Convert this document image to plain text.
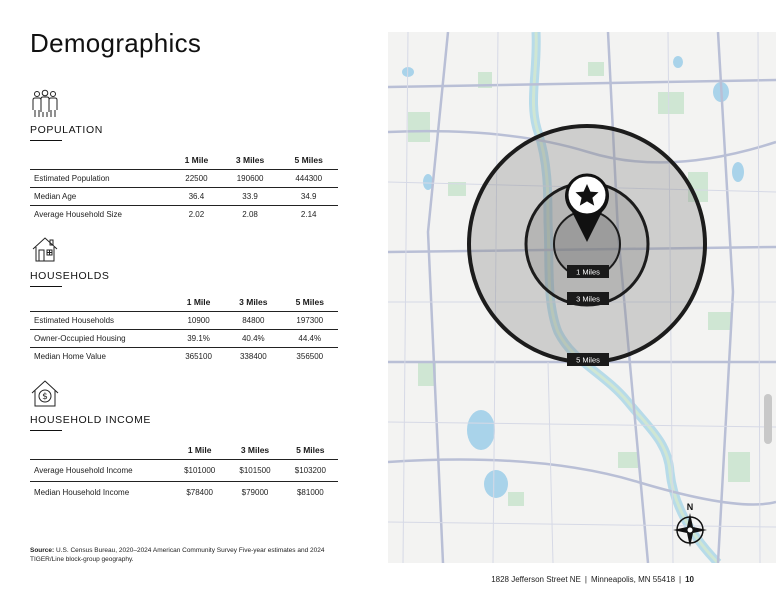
Demographics
POPULATION
	1 Mile	3 Miles	5 Miles
Estimated Population	22500	190600	444300
Median Age	36.4	33.9	34.9
Average Household Size	2.02	2.08	2.14
HOUSEHOLDS
	1 Mile	3 Miles	5 Miles
Estimated Households	10900	84800	197300
Owner-Occupied Housing	39.1%	40.4%	44.4%
Median Home Value	365100	338400	356500
$
HOUSEHOLD INCOME
	1 Mile	3 Miles	5 Miles
Average Household Income	$101000	$101500	$103200
Median Household Income	$78400	$79000	$81000
Source: U.S. Census Bureau, 2020–2024 American Community Survey Five-year estimates and 2024 TIGER/Line block-group geography.
1 Miles
3 Miles
5 Miles
N
1828 Jefferson Street NE | Minneapolis, MN 55418 | 10
